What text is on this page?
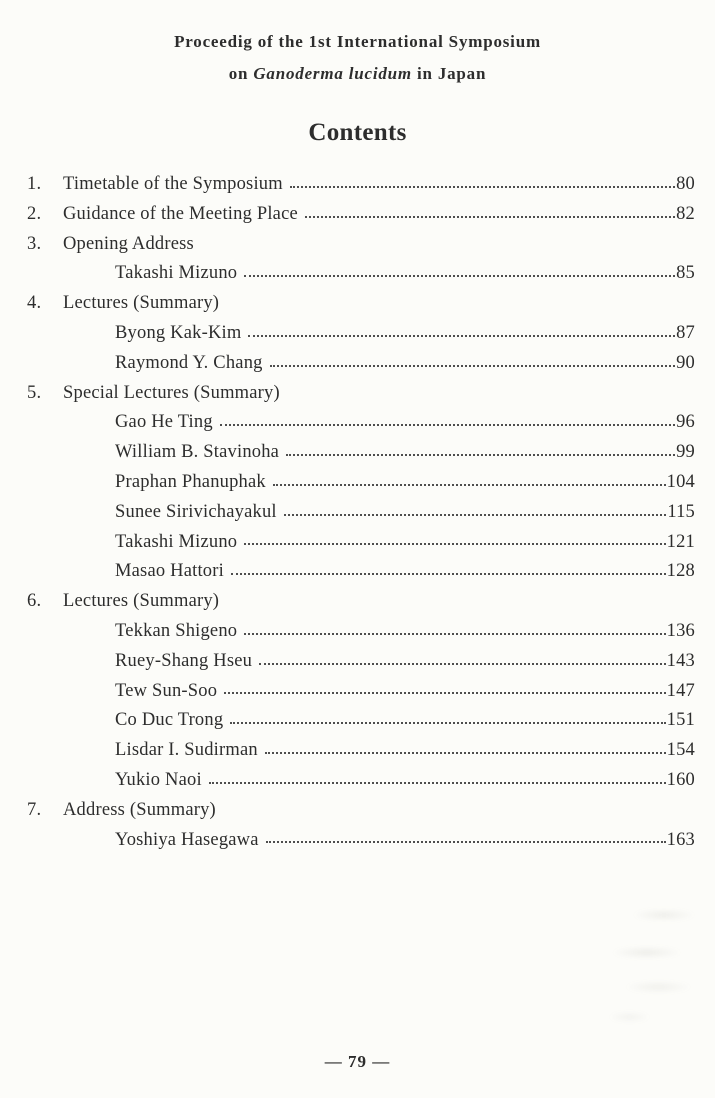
Proceedig of the 1st International Symposium
on Ganoderma lucidum in Japan
Contents
1.	Timetable of the Symposium	80
2.	Guidance of the Meeting Place	82
3.	Opening Address
Takashi Mizuno	85
4.	Lectures (Summary)
Byong Kak-Kim	87
Raymond Y. Chang	90
5.	Special Lectures (Summary)
Gao He Ting	96
William B. Stavinoha	99
Praphan Phanuphak	104
Sunee Sirivichayakul	115
Takashi Mizuno	121
Masao Hattori	128
6.	Lectures (Summary)
Tekkan Shigeno	136
Ruey-Shang Hseu	143
Tew Sun-Soo	147
Co Duc Trong	151
Lisdar I. Sudirman	154
Yukio Naoi	160
7.	Address (Summary)
Yoshiya Hasegawa	163
— 79 —
